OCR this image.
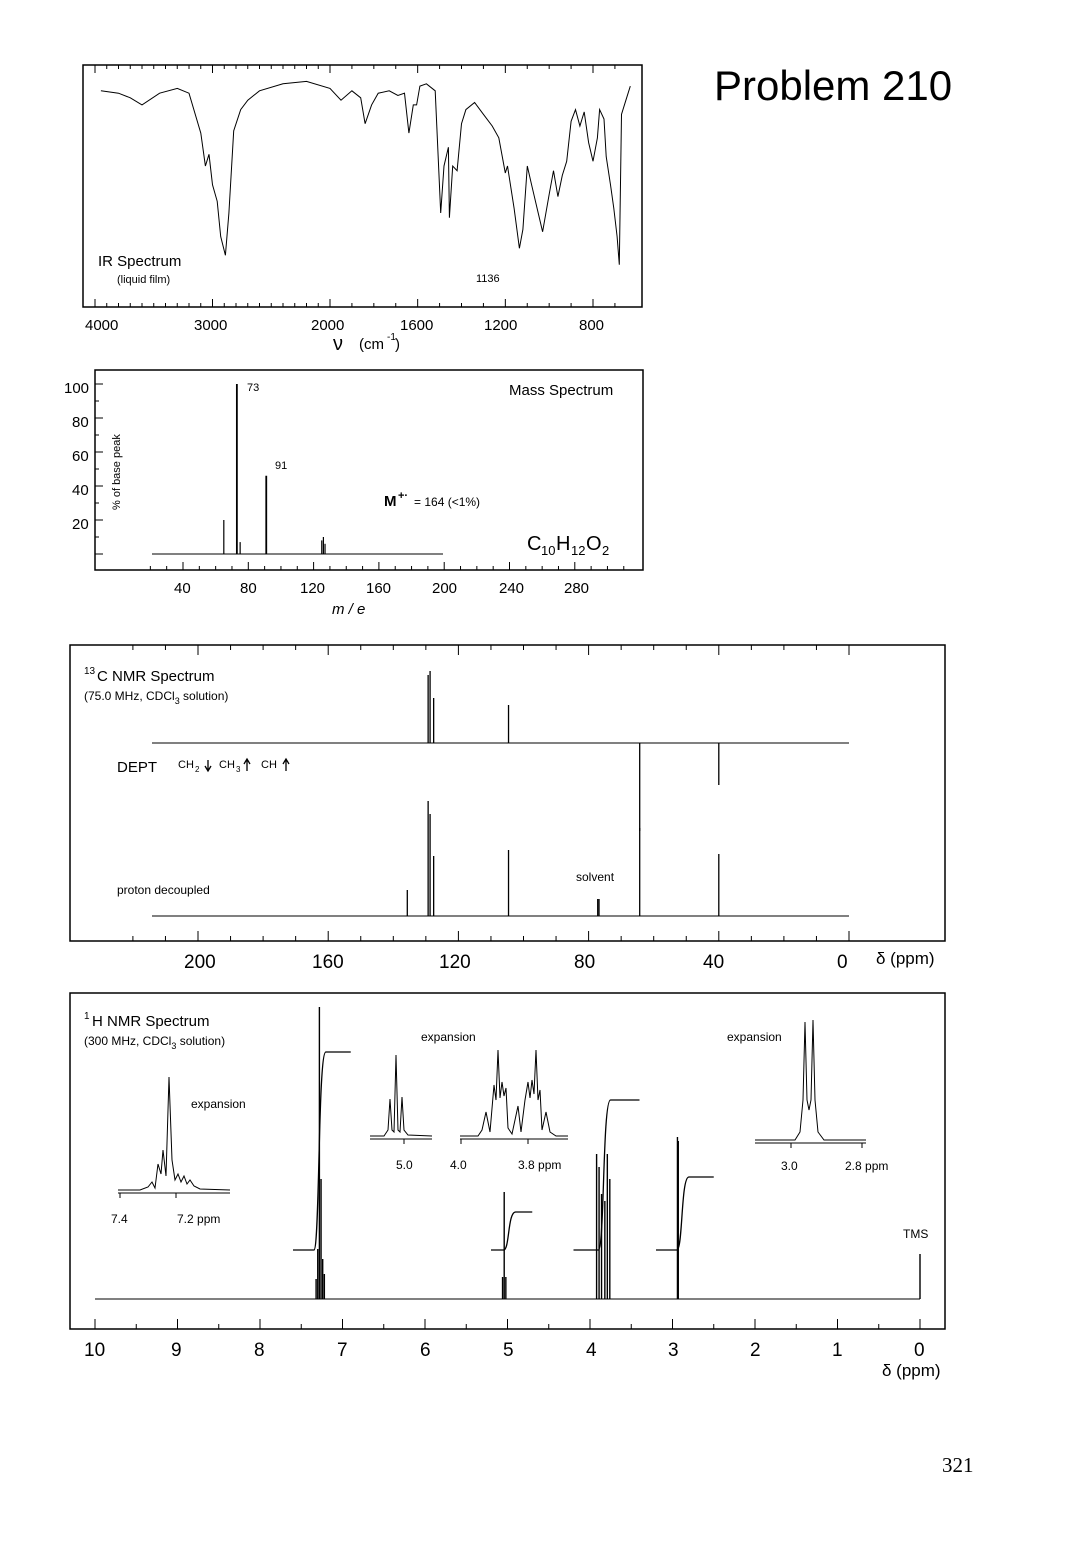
Problem 210
321
IR Spectrum
(liquid film)	1136
4000	3000	2000	1600	1200	800
ν (cm -1 )
Mass Spectrum
73
91
M +· = 164 (<1%)
C 10 H 12 O 2
100
80
60
40
20
% of base peak
40	80	120	160	200	240	280
m / e
13 C NMR Spectrum
(75.0 MHz, CDCl$_3$ solution)
DEPT CH 2 CH 3 CH
proton decoupled
solvent
200	160	120	80	40	0 δ (ppm)
1 H NMR Spectrum
(300 MHz, CDCl$_3$ solution)
TMS
expansion
7.4	7.2 ppm
expansion
5.0	4.0	3.8 ppm
expansion
3.0	2.8 ppm
10	9	8	7	6	5	4	3	2	1	0
δ (ppm)
